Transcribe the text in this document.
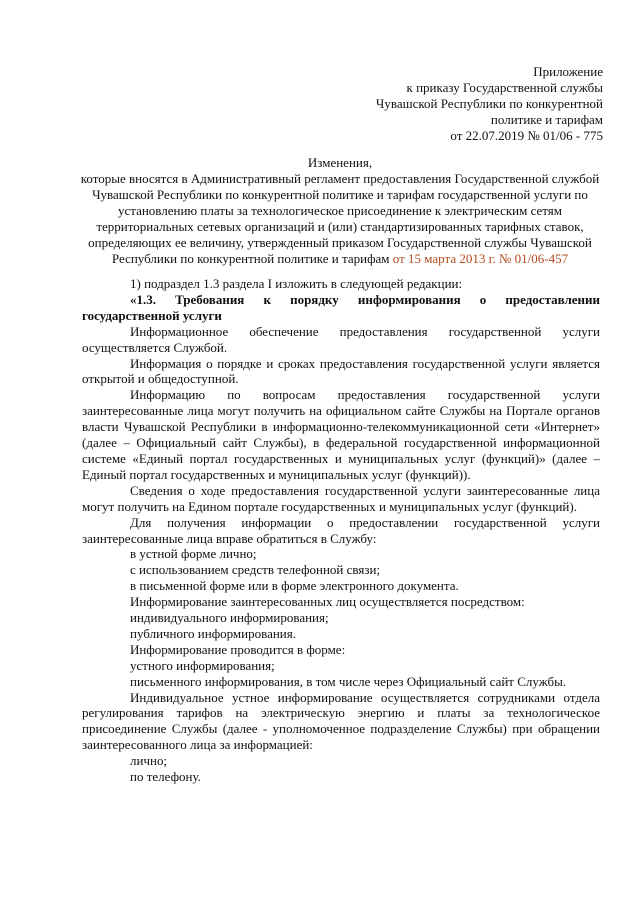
Приложение
к приказу Государственной службы
Чувашской Республики по конкурентной
политике и тарифам
от 22.07.2019 № 01/06 - 775
Изменения,
которые вносятся в Административный регламент предоставления Государственной службой Чувашской Республики по конкурентной политике и тарифам государственной услуги по установлению платы за технологическое присоединение к электрическим сетям территориальных сетевых организаций и (или) стандартизированных тарифных ставок, определяющих ее величину, утвержденный приказом Государственной службы Чувашской Республики по конкурентной политике и тарифам от 15 марта 2013 г. № 01/06-457

1) подраздел 1.3 раздела I изложить в следующей редакции:

«1.3. Требования к порядку информирования о предоставлении государственной услуги

Информационное обеспечение предоставления государственной услуги осуществляется Службой.

Информация о порядке и сроках предоставления государственной услуги является открытой и общедоступной.

Информацию по вопросам предоставления государственной услуги заинтересованные лица могут получить на официальном сайте Службы на Портале органов власти Чувашской Республики в информационно-телекоммуникационной сети «Интернет» (далее – Официальный сайт Службы), в федеральной государственной информационной системе «Единый портал государственных и муниципальных услуг (функций)» (далее – Единый портал государственных и муниципальных услуг (функций)).

Сведения о ходе предоставления государственной услуги заинтересованные лица могут получить на Едином портале государственных и муниципальных услуг (функций).

Для получения информации о предоставлении государственной услуги заинтересованные лица вправе обратиться в Службу:

в устной форме лично;

с использованием средств телефонной связи;

в письменной форме или в форме электронного документа.

Информирование заинтересованных лиц осуществляется посредством:

индивидуального информирования;

публичного информирования.

Информирование проводится в форме:

устного информирования;

письменного информирования, в том числе через Официальный сайт Службы.

Индивидуальное устное информирование осуществляется сотрудниками отдела регулирования тарифов на электрическую энергию и платы за технологическое присоединение Службы (далее - уполномоченное подразделение Службы) при обращении заинтересованного лица за информацией:

лично;

по телефону.
